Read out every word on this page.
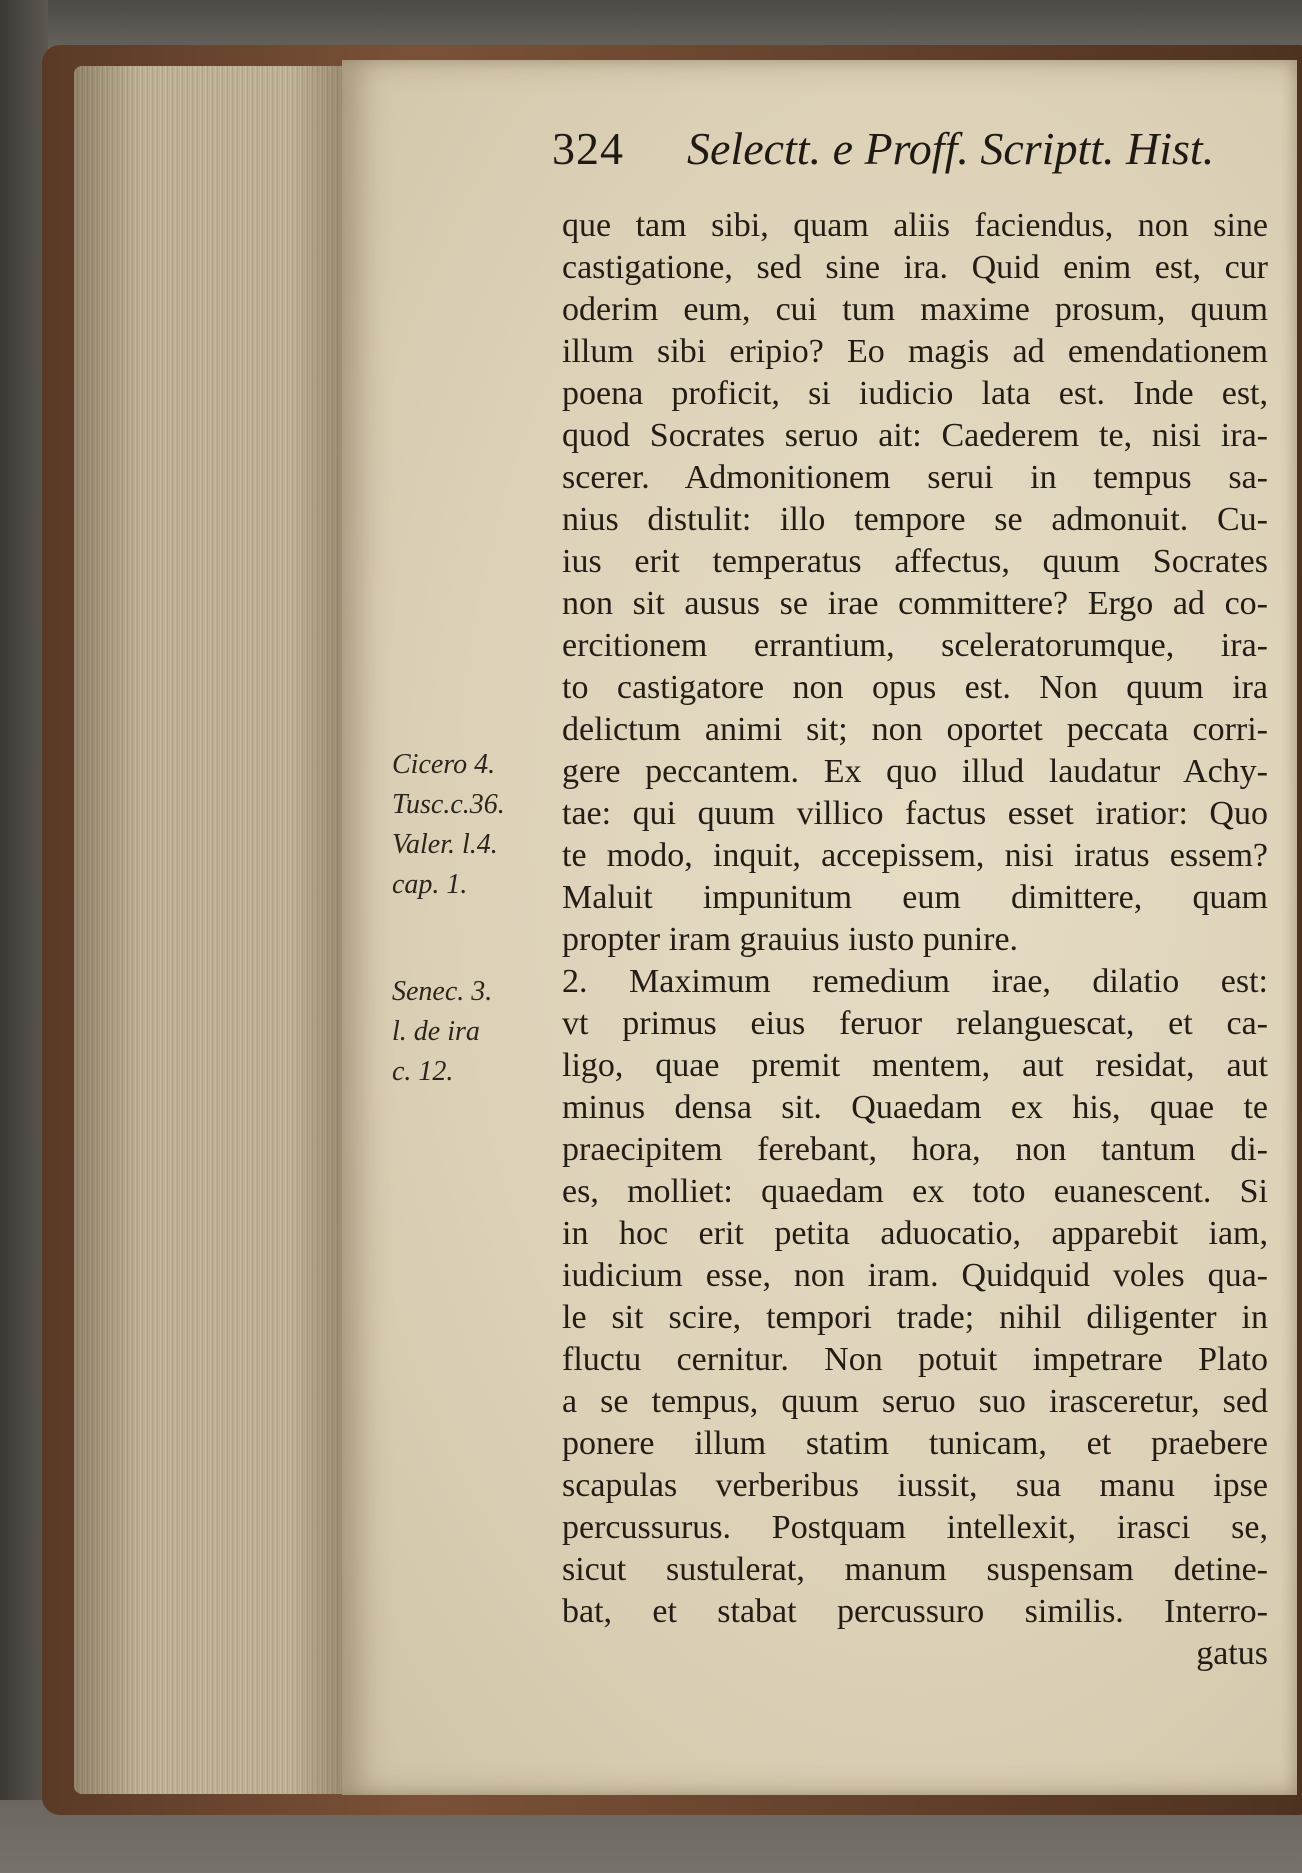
324 Selectt. e Proff. Scriptt. Hist.
que tam sibi, quam aliis faciendus, non sine
castigatione, sed sine ira. Quid enim est, cur
oderim eum, cui tum maxime prosum, quum
illum sibi eripio? Eo magis ad emendationem
poena proficit, si iudicio lata est. Inde est,
quod Socrates seruo ait: Caederem te, nisi ira-
scerer. Admonitionem serui in tempus sa-
nius distulit: illo tempore se admonuit. Cu-
ius erit temperatus affectus, quum Socrates
non sit ausus se irae committere? Ergo ad co-
ercitionem errantium, sceleratorumque, ira-
to castigatore non opus est. Non quum ira
delictum animi sit; non oportet peccata corri-
gere peccantem. Ex quo illud laudatur Achy-
tae: qui quum villico factus esset iratior: Quo
te modo, inquit, accepissem, nisi iratus essem?
Maluit impunitum eum dimittere, quam
propter iram grauius iusto punire.
2. Maximum remedium irae, dilatio est:
vt primus eius feruor relanguescat, et ca-
ligo, quae premit mentem, aut residat, aut
minus densa sit. Quaedam ex his, quae te
praecipitem ferebant, hora, non tantum di-
es, molliet: quaedam ex toto euanescent. Si
in hoc erit petita aduocatio, apparebit iam,
iudicium esse, non iram. Quidquid voles qua-
le sit scire, tempori trade; nihil diligenter in
fluctu cernitur. Non potuit impetrare Plato
a se tempus, quum seruo suo irasceretur, sed
ponere illum statim tunicam, et praebere
scapulas verberibus iussit, sua manu ipse
percussurus. Postquam intellexit, irasci se,
sicut sustulerat, manum suspensam detine-
bat, et stabat percussuro similis. Interro-
gatus
Cicero 4.
Tusc.c.36.
Valer. l.4.
cap. 1.
Senec. 3.
l. de ira
c. 12.
